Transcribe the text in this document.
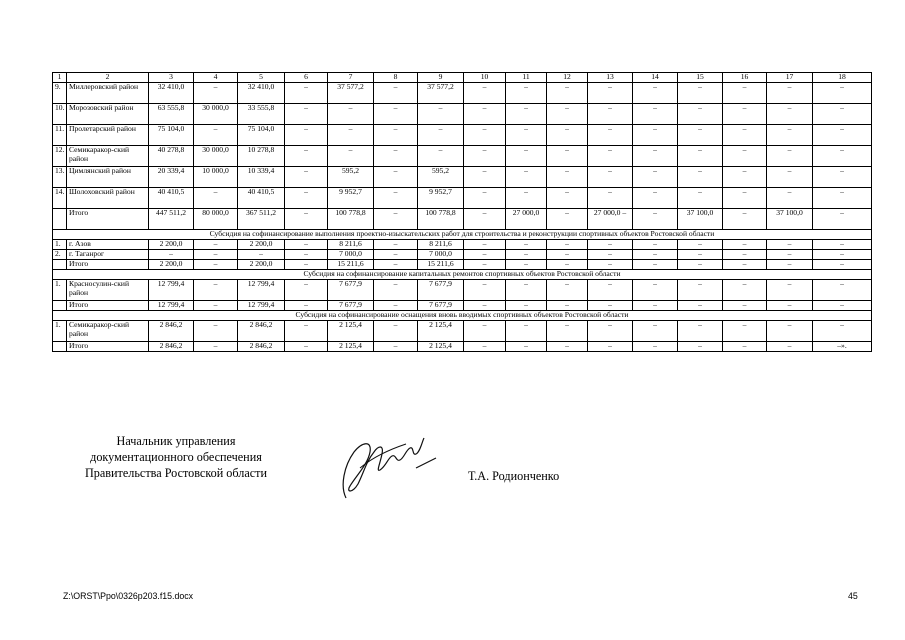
1	2	3	4	5	6	7	8	9	10	11	12	13	14	15	16	17	18
9.	Миллеровский район	32 410,0	–	32 410,0	–	37 577,2	–	37 577,2	–	–	–	–	–	–	–	–	–
10.	Морозовский район	63 555,8	30 000,0	33 555,8	–	–	–	–	–	–	–	–	–	–	–	–	–
11.	Пролетарский район	75 104,0	–	75 104,0	–	–	–	–	–	–	–	–	–	–	–	–	–
12.	Семикаракор-ский район	40 278,8	30 000,0	10 278,8	–	–	–	–	–	–	–	–	–	–	–	–	–
13.	Цимлянский район	20 339,4	10 000,0	10 339,4	–	595,2	–	595,2	–	–	–	–	–	–	–	–	–
14.	Шолоховский район	40 410,5	–	40 410,5	–	9 952,7	–	9 952,7	–	–	–	–	–	–	–	–	–
	Итого	447 511,2	80 000,0	367 511,2	–	100 778,8	–	100 778,8	–	27 000,0	–	27 000,0 –	–	37 100,0	–	37 100,0	–
Субсидия на софинансирование выполнения проектно-изыскательских работ для строительства и реконструкции спортивных объектов Ростовской области																	
1.	г. Азов	2 200,0	–	2 200,0	–	8 211,6	–	8 211,6	–	–	–	–	–	–	–	–	–
2.	г. Таганрог	–	–	–	–	7 000,0	–	7 000,0	–	–	–	–	–	–	–	–	–
	Итого	2 200,0	–	2 200,0	–	15 211,6	–	15 211,6	–	–	–	–	–	–	–	–	–
Субсидия на софинансирование капитальных ремонтов спортивных объектов Ростовской области																	
1.	Красносулин-ский район	12 799,4	–	12 799,4	–	7 677,9	–	7 677,9	–	–	–	–	–	–	–	–	–
	Итого	12 799,4	–	12 799,4	–	7 677,9	–	7 677,9	–	–	–	–	–	–	–	–	–
Субсидия на софинансирование оснащения вновь вводимых спортивных объектов Ростовской области																	
1.	Семикаракор-ский район	2 846,2	–	2 846,2	–	2 125,4	–	2 125,4	–	–	–	–	–	–	–	–	–
	Итого	2 846,2	–	2 846,2	–	2 125,4	–	2 125,4	–	–	–	–	–	–	–	–	–».
Начальник управления
документационного обеспечения
Правительства Ростовской области	Т.А. Родионченко
Z:\ORST\Ppo\0326p203.f15.docx	45
